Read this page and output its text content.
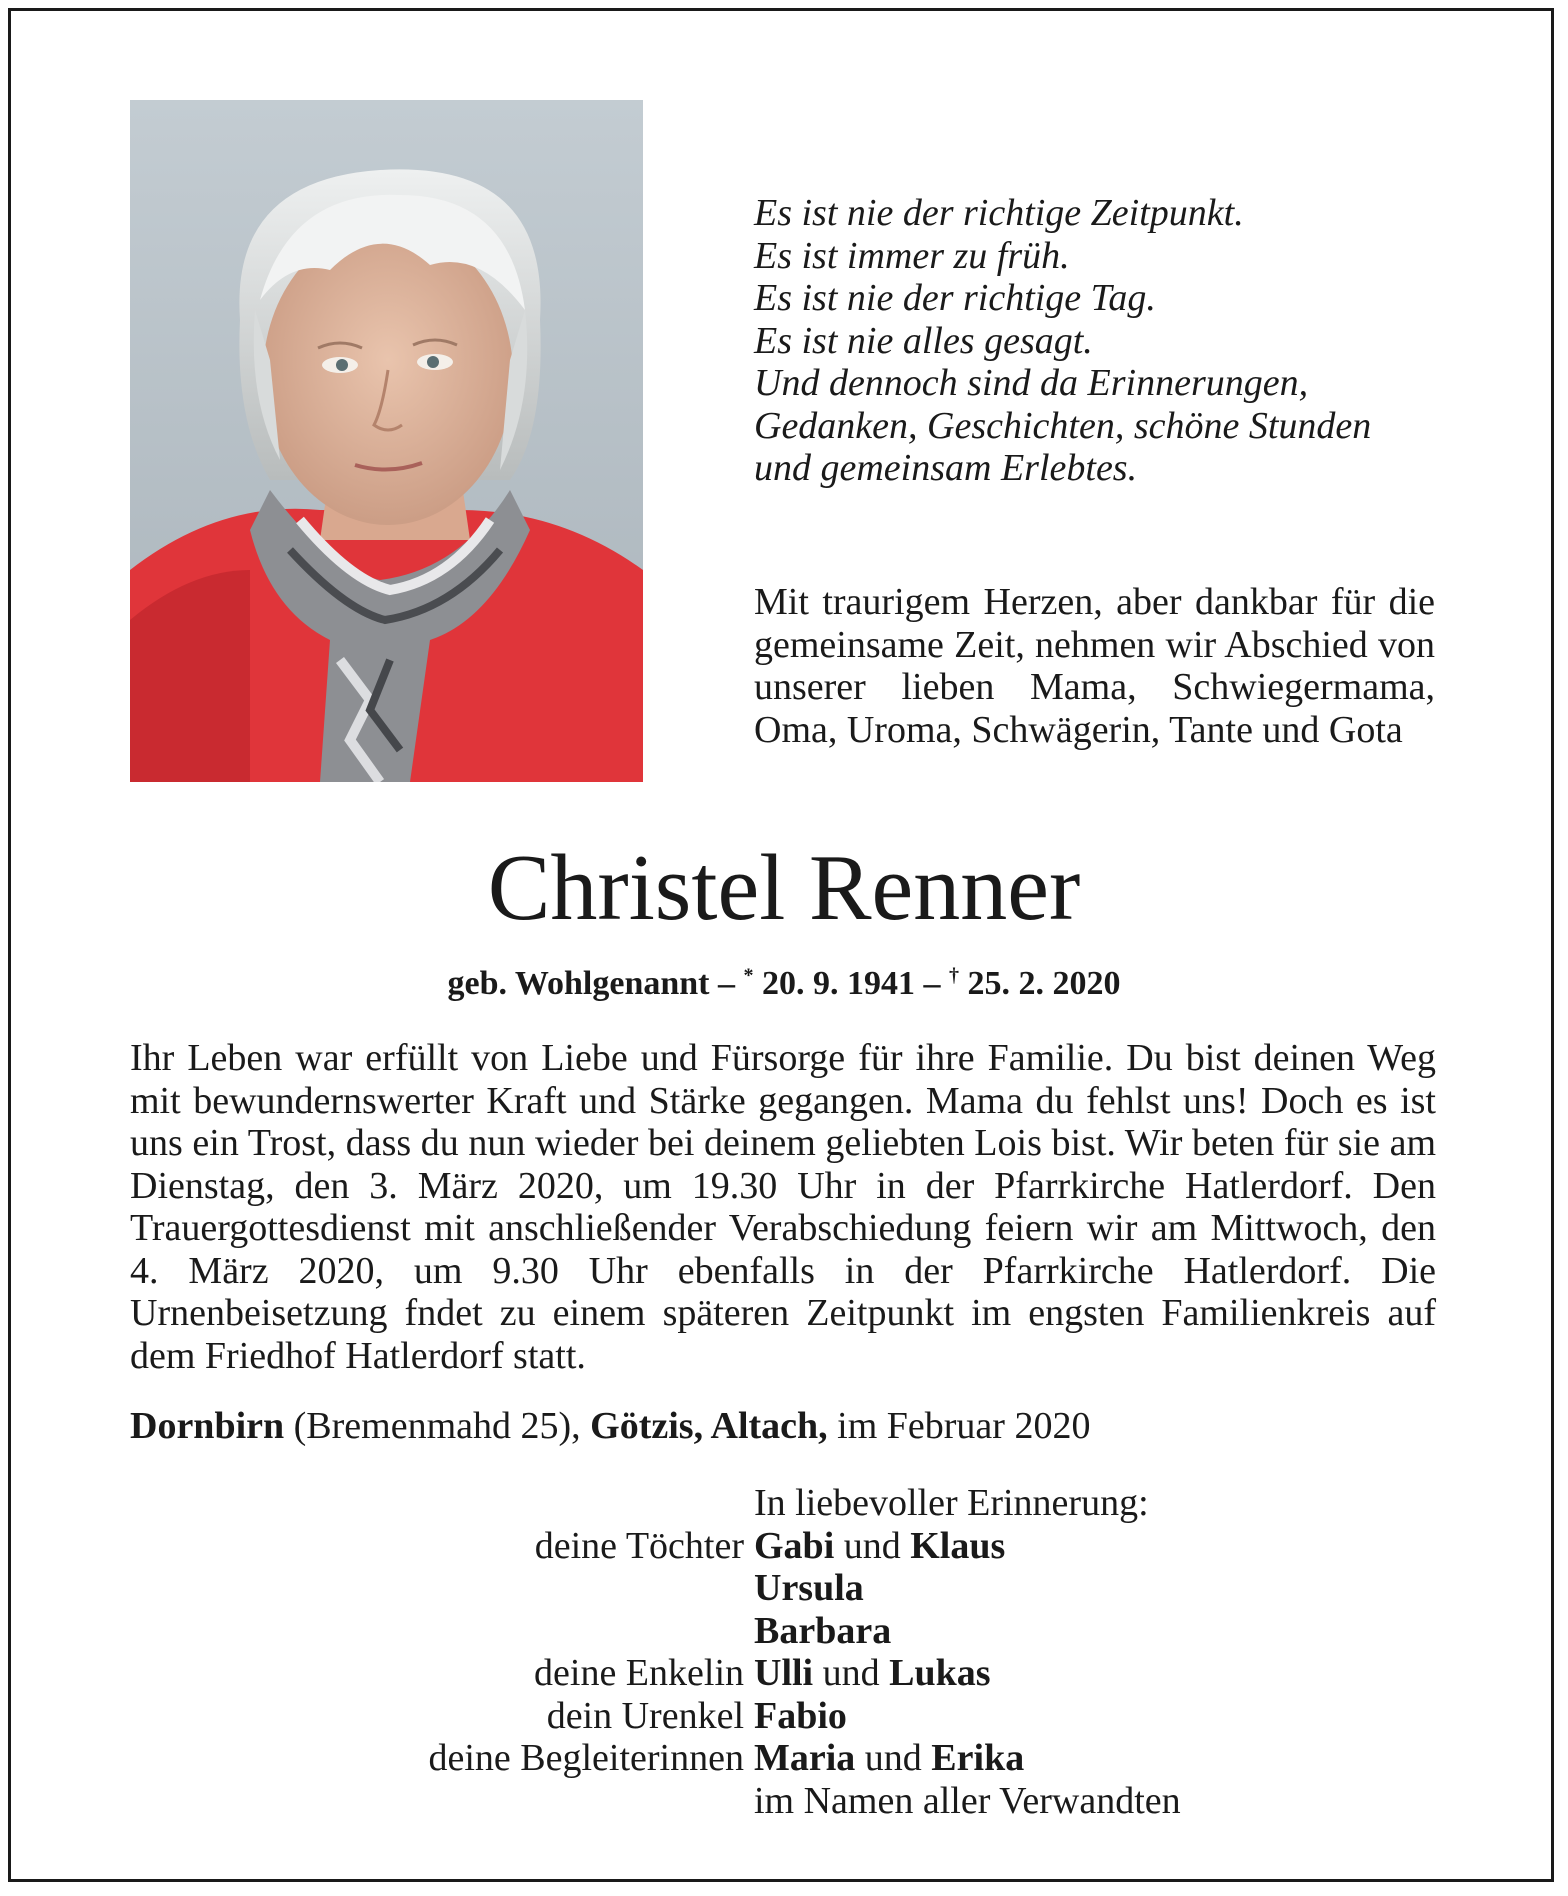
Es ist nie der richtige Zeitpunkt.
Es ist immer zu früh.
Es ist nie der richtige Tag.
Es ist nie alles gesagt.
Und dennoch sind da Erinnerungen,
Gedanken, Geschichten, schöne Stunden
und gemeinsam Erlebtes.
Mit traurigem Herzen, aber dankbar für die gemeinsame Zeit, nehmen wir Abschied von unserer lieben Mama, Schwiegermama, Oma, Uroma, Schwägerin, Tante und Gota
Christel Renner
geb. Wohlgenannt – * 20. 9. 1941 – † 25. 2. 2020
Ihr Leben war erfüllt von Liebe und Fürsorge für ihre Familie. Du bist deinen Weg mit bewundernswerter Kraft und Stärke gegangen. Mama du fehlst uns! Doch es ist uns ein Trost, dass du nun wieder bei deinem geliebten Lois bist. Wir beten für sie am Dienstag, den 3. März 2020, um 19.30 Uhr in der Pfarrkirche Hatlerdorf. Den Trauergottesdienst mit anschließender Verabschiedung feiern wir am Mittwoch, den 4. März 2020, um 9.30 Uhr ebenfalls in der Pfarrkirche Hatlerdorf. Die Urnenbeisetzung fndet zu einem späteren Zeitpunkt im engsten Familienkreis auf dem Friedhof Hatlerdorf statt.
Dornbirn (Bremenmahd 25), Götzis, Altach, im Februar 2020
In liebevoller Erinnerung:
deine Töchter Gabi und Klaus
Ursula
Barbara
deine Enkelin Ulli und Lukas
dein Urenkel Fabio
deine Begleiterinnen Maria und Erika
im Namen aller Verwandten
